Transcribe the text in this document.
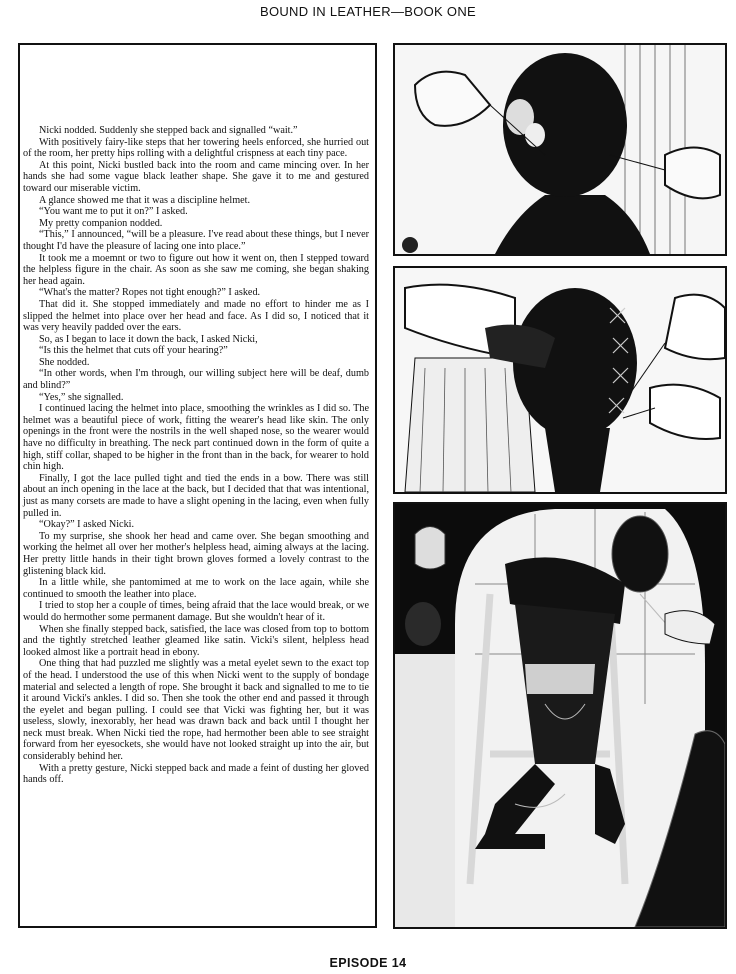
BOUND IN LEATHER—BOOK ONE

Nicki nodded. Suddenly she stepped back and signalled “wait.”

With positively fairy-like steps that her towering heels enforced, she hurried out of the room, her pretty hips rolling with a delightful crispness at each tiny pace.

At this point, Nicki bustled back into the room and came mincing over. In her hands she had some vague black leather shape. She gave it to me and gestured toward our miserable victim.

A glance showed me that it was a discipline helmet.

“You want me to put it on?” I asked.

My pretty companion nodded.

“This,” I announced, “will be a pleasure. I've read about these things, but I never thought I'd have the pleasure of lacing one into place.”

It took me a moemnt or two to figure out how it went on, then I stepped toward the helpless figure in the chair. As soon as she saw me coming, she began shaking her head again.

“What's the matter? Ropes not tight enough?” I asked.

That did it. She stopped immediately and made no effort to hinder me as I slipped the helmet into place over her head and face. As I did so, I noticed that it was very heavily padded over the ears.

So, as I began to lace it down the back, I asked Nicki,

“Is this the helmet that cuts off your hearing?”

She nodded.

“In other words, when I'm through, our willing subject here will be deaf, dumb and blind?”

“Yes,” she signalled.

I continued lacing the helmet into place, smoothing the wrinkles as I did so. The helmet was a beautiful piece of work, fitting the wearer's head like skin. The only openings in the front were the nostrils in the well shaped nose, so the wearer would have no difficulty in breathing. The neck part continued down in the form of quite a high, stiff collar, shaped to be higher in the front than in the back, for wearer to hold chin high.

Finally, I got the lace pulled tight and tied the ends in a bow. There was still about an inch opening in the lace at the back, but I decided that that was intentional, just as many corsets are made to have a slight opening in the lacing, even when fully pulled in.

“Okay?” I asked Nicki.

To my surprise, she shook her head and came over. She began smoothing and working the helmet all over her mother's helpless head, aiming always at the lacing. Her pretty little hands in their tight brown gloves formed a lovely contrast to the glistening black kid.

In a little while, she pantomimed at me to work on the lace again, while she continued to smooth the leather into place.

I tried to stop her a couple of times, being afraid that the lace would break, or we would do hermother some permanent damage. But she wouldn't hear of it.

When she finally stepped back, satisfied, the lace was closed from top to bottom and the tightly stretched leather gleamed like satin. Vicki's silent, helpless head looked almost like a portrait head in ebony.

One thing that had puzzled me slightly was a metal eyelet sewn to the exact top of the head. I understood the use of this when Nicki went to the supply of bondage material and selected a length of rope. She brought it back and signalled to me to tie it around Vicki's ankles. I did so. Then she took the other end and passed it through the eyelet and began pulling. I could see that Vicki was fighting her, but it was useless, slowly, inexorably, her head was drawn back and back until I thought her neck must break. When Nicki tied the rope, had hermother been able to see straight forward from her eyesockets, she would have not looked straight up into the air, but considerably behind her.

With a pretty gesture, Nicki stepped back and made a feint of dusting her gloved hands off.

EPISODE 14
